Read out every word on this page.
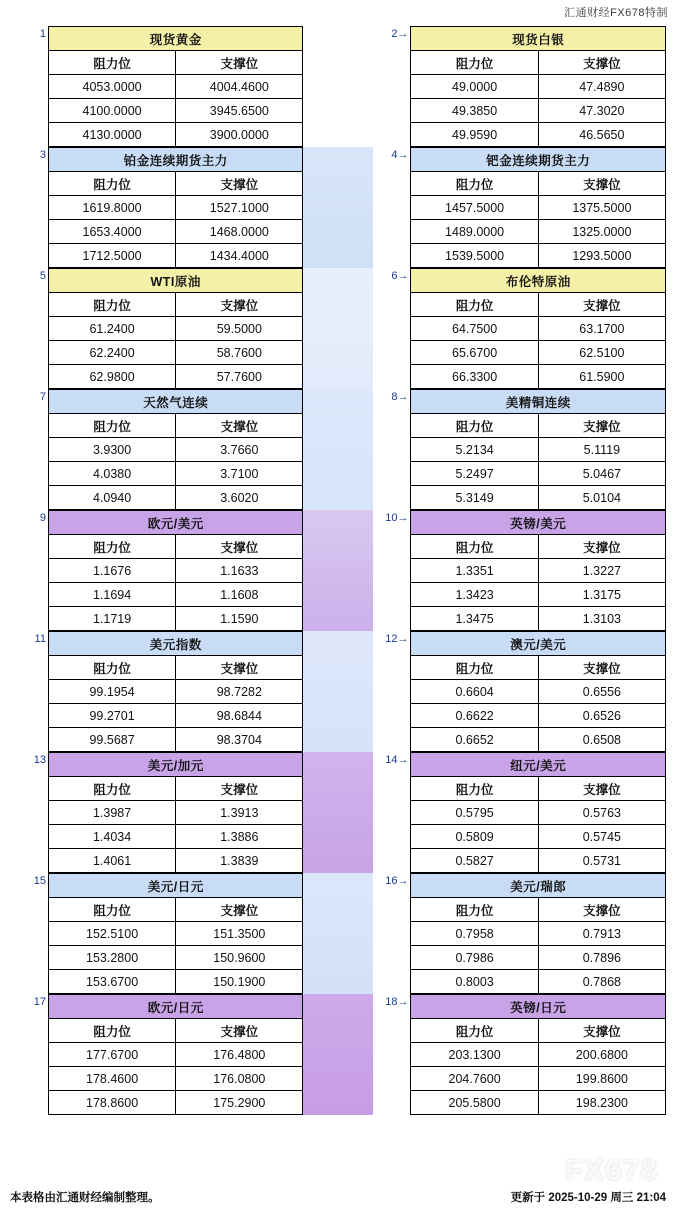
汇通财经FX678特制
1		现货黄金
阻力位	支撑位
4053.0000	4004.4600
4100.0000	3945.6500
4130.0000	3900.0000

	2→		现货白银
阻力位	支撑位
49.0000	47.4890
49.3850	47.3020
49.9590	46.5650

3		铂金连续期货主力
阻力位	支撑位
1619.8000	1527.1000
1653.4000	1468.0000
1712.5000	1434.4000

	4→		钯金连续期货主力
阻力位	支撑位
1457.5000	1375.5000
1489.0000	1325.0000
1539.5000	1293.5000

5		WTI原油
阻力位	支撑位
61.2400	59.5000
62.2400	58.7600
62.9800	57.7600

	6→		布伦特原油
阻力位	支撑位
64.7500	63.1700
65.6700	62.5100
66.3300	61.5900

7		天然气连续
阻力位	支撑位
3.9300	3.7660
4.0380	3.7100
4.0940	3.6020

	8→		美精铜连续
阻力位	支撑位
5.2134	5.1119
5.2497	5.0467
5.3149	5.0104

9		欧元/美元
阻力位	支撑位
1.1676	1.1633
1.1694	1.1608
1.1719	1.1590

	10→		英镑/美元
阻力位	支撑位
1.3351	1.3227
1.3423	1.3175
1.3475	1.3103

11		美元指数
阻力位	支撑位
99.1954	98.7282
99.2701	98.6844
99.5687	98.3704

	12→		澳元/美元
阻力位	支撑位
0.6604	0.6556
0.6622	0.6526
0.6652	0.6508

13		美元/加元
阻力位	支撑位
1.3987	1.3913
1.4034	1.3886
1.4061	1.3839

	14→		纽元/美元
阻力位	支撑位
0.5795	0.5763
0.5809	0.5745
0.5827	0.5731

15		美元/日元
阻力位	支撑位
152.5100	151.3500
153.2800	150.9600
153.6700	150.1900

	16→		美元/瑞郎
阻力位	支撑位
0.7958	0.7913
0.7986	0.7896
0.8003	0.7868

17		欧元/日元
阻力位	支撑位
177.6700	176.4800
178.4600	176.0800
178.8600	175.2900

	18→		英镑/日元
阻力位	支撑位
203.1300	200.6800
204.7600	199.8600
205.5800	198.2300
FX678
本表格由汇通财经编制整理。	更新于 2025-10-29 周三 21:04
